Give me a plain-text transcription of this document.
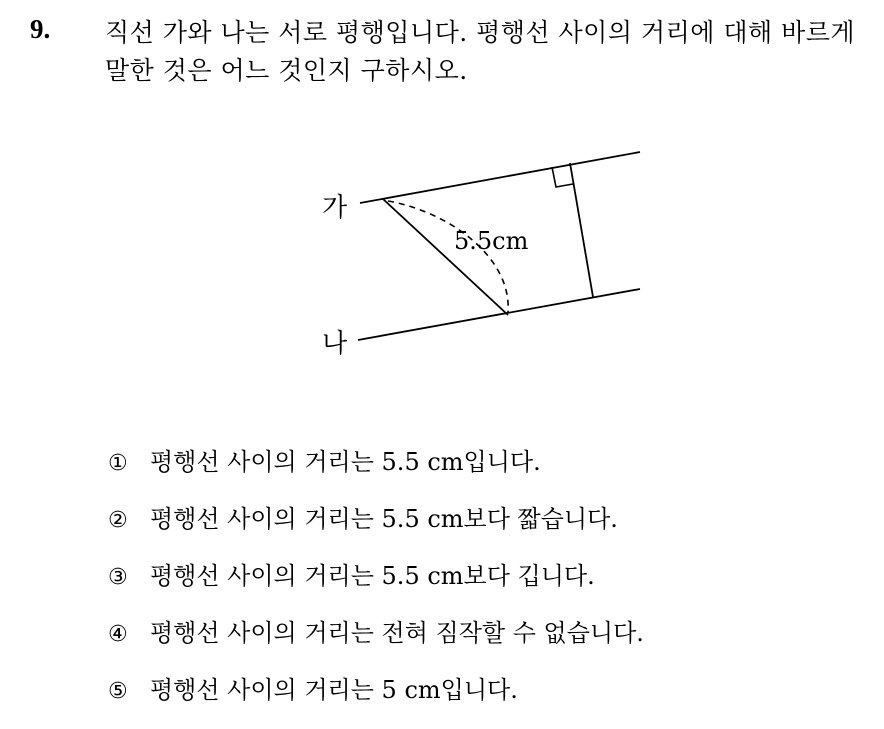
9. 직선 가와 나는 서로 평행입니다. 평행선 사이의 거리에 대해 바르게 말한 것은 어느 것인지 구하시오.
가
나
5.5cm
① 평행선 사이의 거리는 5.5 cm입니다.
② 평행선 사이의 거리는 5.5 cm보다 짧습니다.
③ 평행선 사이의 거리는 5.5 cm보다 깁니다.
④ 평행선 사이의 거리는 전혀 짐작할 수 없습니다.
⑤ 평행선 사이의 거리는 5 cm입니다.
